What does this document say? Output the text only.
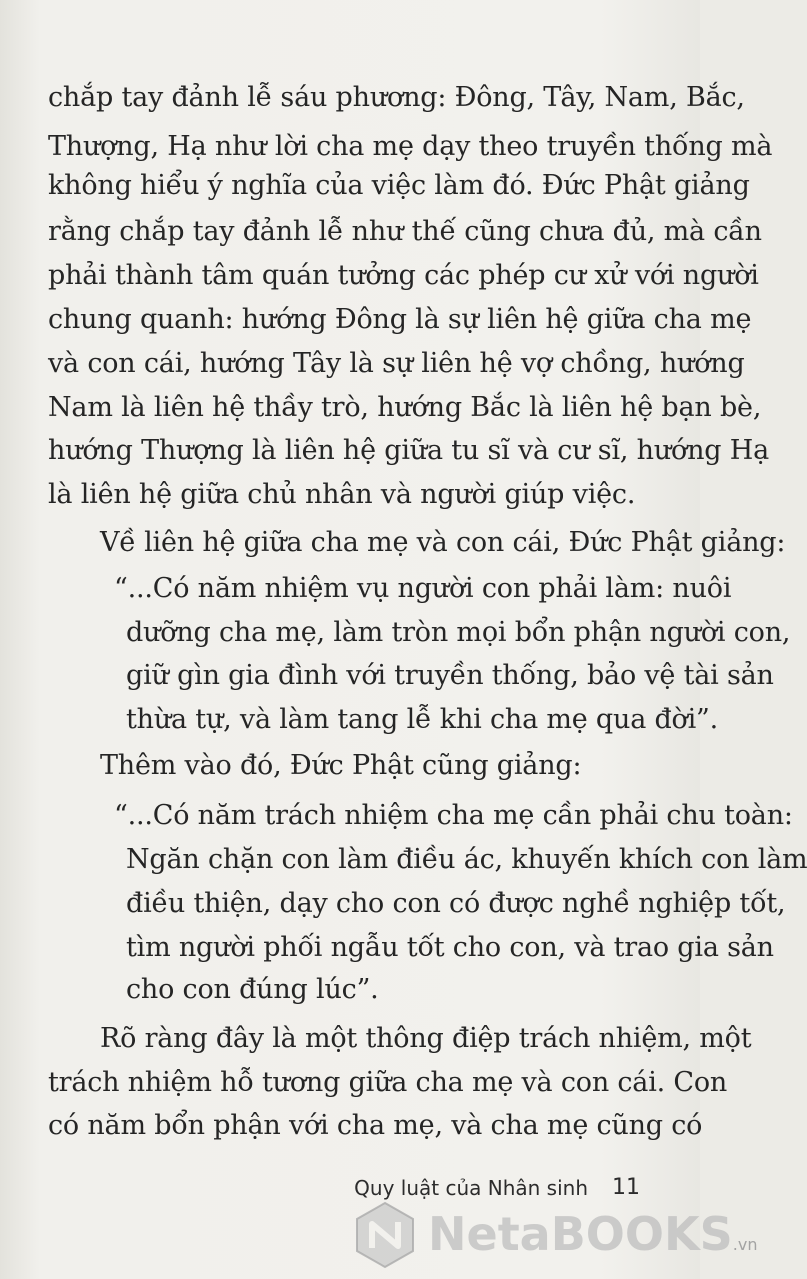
chắp tay đảnh lễ sáu phương: Đông, Tây, Nam, Bắc,
Thượng, Hạ như lời cha mẹ dạy theo truyền thống mà
không hiểu ý nghĩa của việc làm đó. Đức Phật giảng
rằng chắp tay đảnh lễ như thế cũng chưa đủ, mà cần
phải thành tâm quán tưởng các phép cư xử với người
chung quanh: hướng Đông là sự liên hệ giữa cha mẹ
và con cái, hướng Tây là sự liên hệ vợ chồng, hướng
Nam là liên hệ thầy trò, hướng Bắc là liên hệ bạn bè,
hướng Thượng là liên hệ giữa tu sĩ và cư sĩ, hướng Hạ
là liên hệ giữa chủ nhân và người giúp việc.
Về liên hệ giữa cha mẹ và con cái, Đức Phật giảng:
“...Có năm nhiệm vụ người con phải làm: nuôi
dưỡng cha mẹ, làm tròn mọi bổn phận người con,
giữ gìn gia đình với truyền thống, bảo vệ tài sản
thừa tự, và làm tang lễ khi cha mẹ qua đời”.
Thêm vào đó, Đức Phật cũng giảng:
“...Có năm trách nhiệm cha mẹ cần phải chu toàn:
Ngăn chặn con làm điều ác, khuyến khích con làm
điều thiện, dạy cho con có được nghề nghiệp tốt,
tìm người phối ngẫu tốt cho con, và trao gia sản
cho con đúng lúc”.
Rõ ràng đây là một thông điệp trách nhiệm, một
trách nhiệm hỗ tương giữa cha mẹ và con cái. Con
có năm bổn phận với cha mẹ, và cha mẹ cũng có
Quy luật của Nhân sinh 11
NetaBOOKS.vn
